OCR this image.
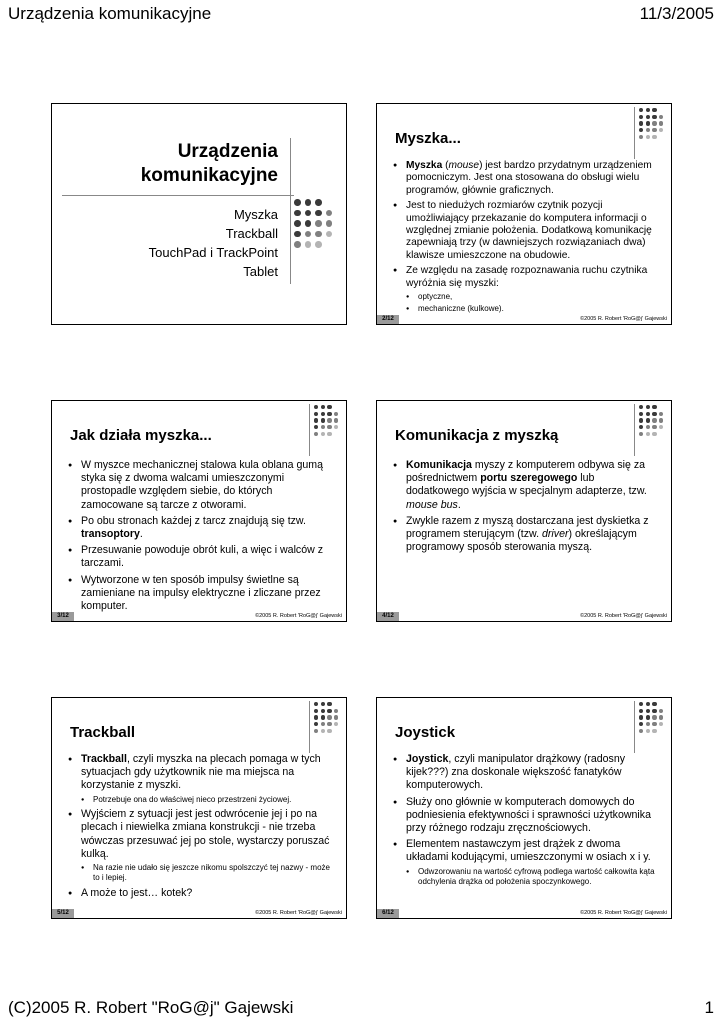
Urządzenia komunikacyjne	11/3/2005
Urządzenia
komunikacyjne
Myszka
Trackball
TouchPad i TrackPoint
Tablet
Myszka...
● Myszka (mouse) jest bardzo przydatnym urządzeniem pomocniczym. Jest ona stosowana do obsługi wielu programów, głównie graficznych.
● Jest to niedużych rozmiarów czytnik pozycji umożliwiający przekazanie do komputera informacji o względnej zmianie położenia. Dodatkową komunikację zapewniają trzy (w dawniejszych rozwiązaniach dwa) klawisze umieszczone na obudowie.
● Ze względu na zasadę rozpoznawania ruchu czytnika wyróżnia się myszki:
● optyczne,
● mechaniczne (kulkowe).
2/12	©2005 R. Robert 'RoG@j' Gajewski
Jak działa myszka...
● W myszce mechanicznej stalowa kula oblana gumą styka się z dwoma walcami umieszczonymi prostopadle względem siebie, do których zamocowane są tarcze z otworami.
● Po obu stronach każdej z tarcz znajdują się tzw. transoptory.
● Przesuwanie powoduje obrót kuli, a więc i walców z tarczami.
● Wytworzone w ten sposób impulsy świetlne są zamieniane na impulsy elektryczne i zliczane przez komputer.
3/12	©2005 R. Robert 'RoG@j' Gajewski
Komunikacja z myszką
● Komunikacja myszy z komputerem odbywa się za pośrednictwem portu szeregowego lub dodatkowego wyjścia w specjalnym adapterze, tzw. mouse bus.
● Zwykle razem z myszą dostarczana jest dyskietka z programem sterującym (tzw. driver) określającym programowy sposób sterowania myszą.
4/12	©2005 R. Robert 'RoG@j' Gajewski
Trackball
● Trackball, czyli myszka na plecach pomaga w tych sytuacjach gdy użytkownik nie ma miejsca na korzystanie z myszki.
● Potrzebuje ona do właściwej nieco przestrzeni życiowej.
● Wyjściem z sytuacji jest jest odwrócenie jej i po na plecach i niewielka zmiana konstrukcji - nie trzeba wówczas przesuwać jej po stole, wystarczy poruszać kulką.
● Na razie nie udało się jeszcze nikomu spolszczyć tej nazwy - może to i lepiej.
● A może to jest… kotek?
5/12	©2005 R. Robert 'RoG@j' Gajewski
Joystick
● Joystick, czyli manipulator drążkowy (radosny kijek???) zna doskonale większość fanatyków komputerowych.
● Służy ono głównie w komputerach domowych do podniesienia efektywności i sprawności użytkownika przy różnego rodzaju zręcznościowych.
● Elementem nastawczym jest drążek z dwoma układami kodującymi, umieszczonymi w osiach x i y.
● Odwzorowaniu na wartość cyfrową podlega wartość całkowita kąta odchylenia drążka od położenia spoczynkowego.
6/12	©2005 R. Robert 'RoG@j' Gajewski
(C)2005 R. Robert "RoG@j" Gajewski	1
